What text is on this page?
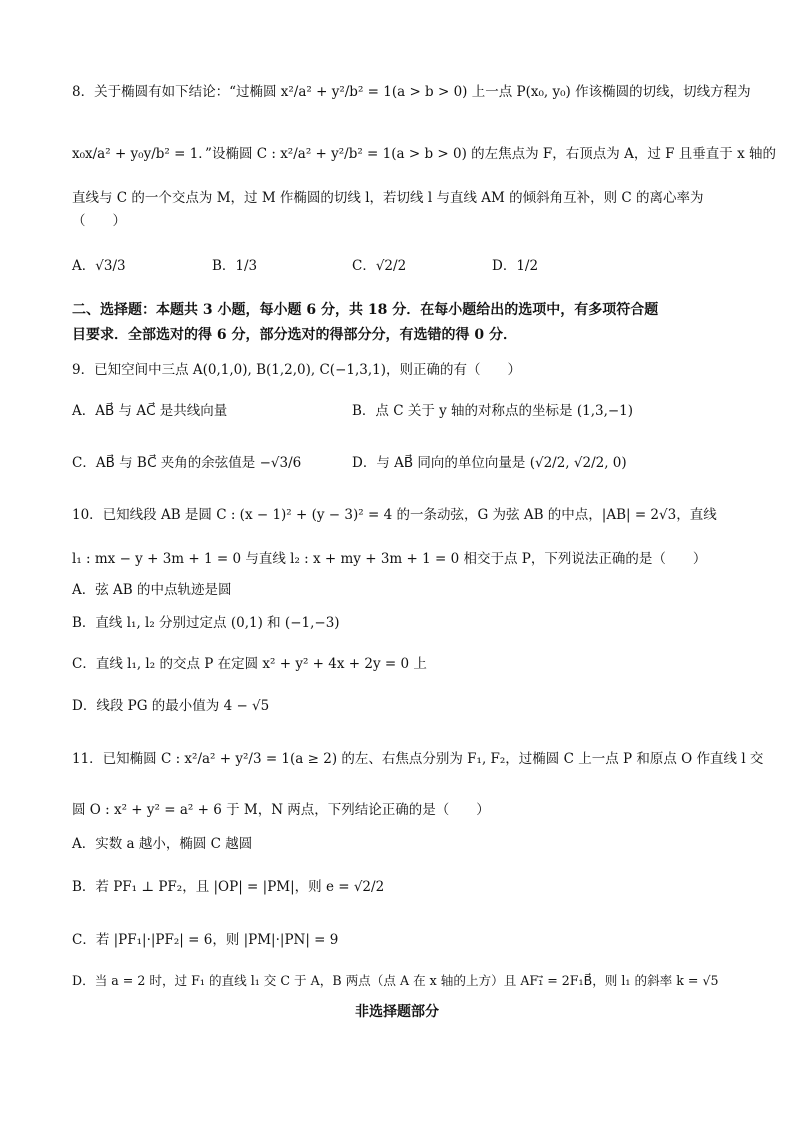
8．关于椭圆有如下结论：“过椭圆 x²/a² + y²/b² = 1(a > b > 0) 上一点 P(x₀, y₀) 作该椭圆的切线，切线方程为
x₀x/a² + y₀y/b² = 1．”设椭圆 C : x²/a² + y²/b² = 1(a > b > 0) 的左焦点为 F，右顶点为 A，过 F 且垂直于 x 轴的
直线与 C 的一个交点为 M，过 M 作椭圆的切线 l，若切线 l 与直线 AM 的倾斜角互补，则 C 的离心率为
（　　）
A．√3/3	B．1/3	C．√2/2	D．1/2
二、选择题：本题共 3 小题，每小题 6 分，共 18 分．在每小题给出的选项中，有多项符合题
目要求．全部选对的得 6 分，部分选对的得部分分，有选错的得 0 分．
9．已知空间中三点 A(0,1,0), B(1,2,0), C(−1,3,1)，则正确的有（　　）
A．AB⃗ 与 AC⃗ 是共线向量	B．点 C 关于 y 轴的对称点的坐标是 (1,3,−1)
C．AB⃗ 与 BC⃗ 夹角的余弦值是 −√3/6	D．与 AB⃗ 同向的单位向量是 (√2/2, √2/2, 0)
10．已知线段 AB 是圆 C : (x − 1)² + (y − 3)² = 4 的一条动弦，G 为弦 AB 的中点，|AB| = 2√3，直线
l₁ : mx − y + 3m + 1 = 0 与直线 l₂ : x + my + 3m + 1 = 0 相交于点 P，下列说法正确的是（　　）
A．弦 AB 的中点轨迹是圆
B．直线 l₁, l₂ 分别过定点 (0,1) 和 (−1,−3)
C．直线 l₁, l₂ 的交点 P 在定圆 x² + y² + 4x + 2y = 0 上
D．线段 PG 的最小值为 4 − √5
11．已知椭圆 C : x²/a² + y²/3 = 1(a ≥ 2) 的左、右焦点分别为 F₁, F₂，过椭圆 C 上一点 P 和原点 O 作直线 l 交
圆 O : x² + y² = a² + 6 于 M，N 两点，下列结论正确的是（　　）
A．实数 a 越小，椭圆 C 越圆
B．若 PF₁ ⊥ PF₂，且 |OP| = |PM|，则 e = √2/2
C．若 |PF₁|·|PF₂| = 6，则 |PM|·|PN| = 9
D．当 a = 2 时，过 F₁ 的直线 l₁ 交 C 于 A，B 两点（点 A 在 x 轴的上方）且 AF₁⃗ = 2F₁B⃗，则 l₁ 的斜率 k = √5
非选择题部分
